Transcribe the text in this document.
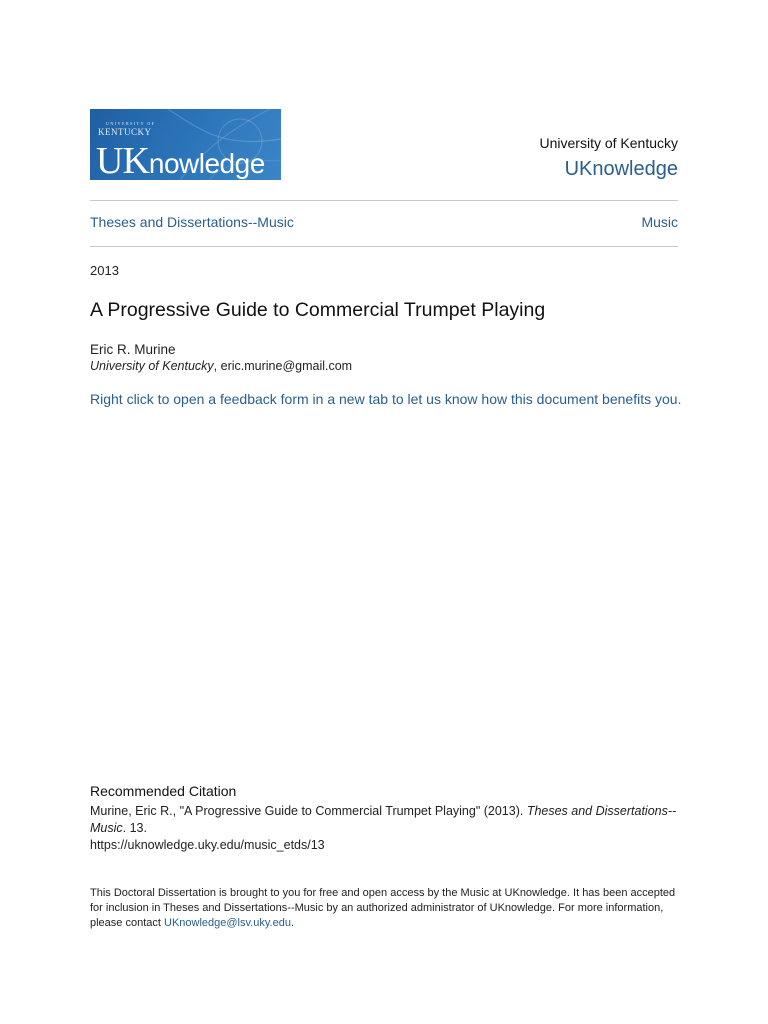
UNIVERSITY OF
KENTUCKY
UKnowledge
University of Kentucky
UKnowledge
Theses and Dissertations--Music	Music
2013
A Progressive Guide to Commercial Trumpet Playing
Eric R. Murine
University of Kentucky, eric.murine@gmail.com
Right click to open a feedback form in a new tab to let us know how this document benefits you.
Recommended Citation
Murine, Eric R., "A Progressive Guide to Commercial Trumpet Playing" (2013). Theses and Dissertations--Music. 13.
https://uknowledge.uky.edu/music_etds/13
This Doctoral Dissertation is brought to you for free and open access by the Music at UKnowledge. It has been accepted for inclusion in Theses and Dissertations--Music by an authorized administrator of UKnowledge. For more information, please contact UKnowledge@lsv.uky.edu.
